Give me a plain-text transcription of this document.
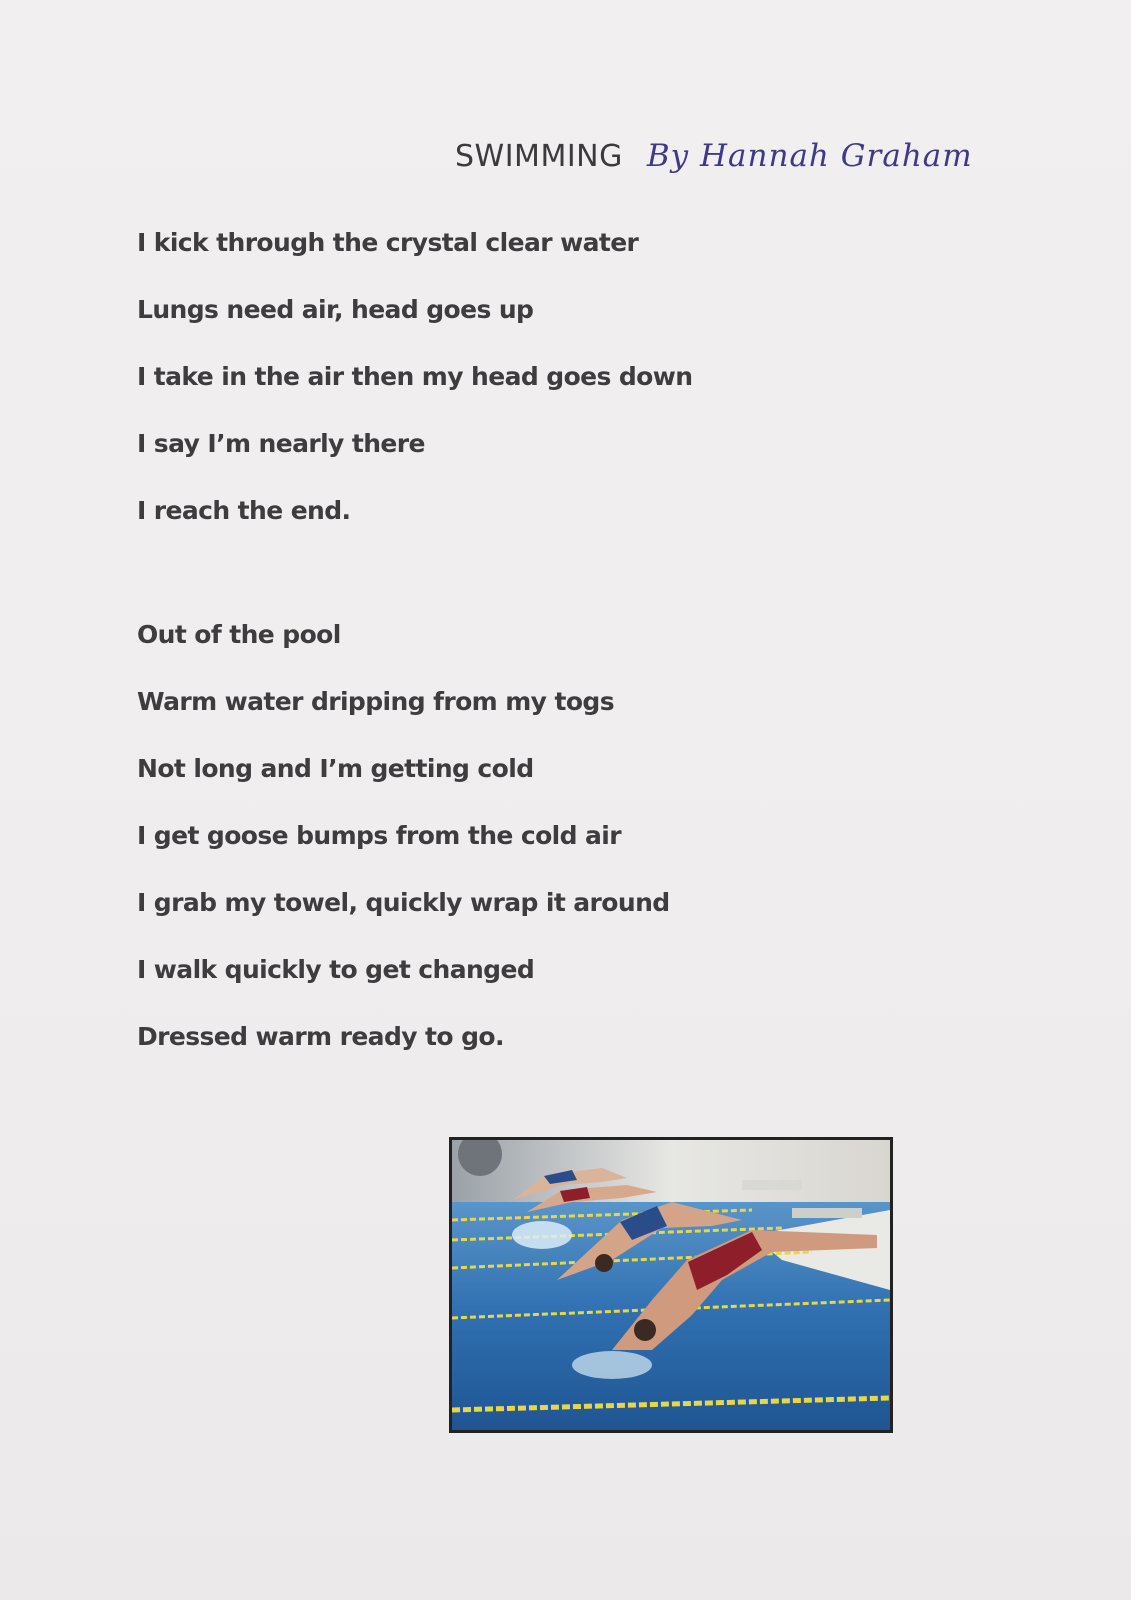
SWIMMING By Hannah Graham
I kick through the crystal clear water
Lungs need air, head goes up
I take in the air then my head goes down
I say I’m nearly there
I reach the end.
Out of the pool
Warm water dripping from my togs
Not long and I’m getting cold
I get goose bumps from the cold air
I grab my towel, quickly wrap it around
I walk quickly to get changed
Dressed warm ready to go.
